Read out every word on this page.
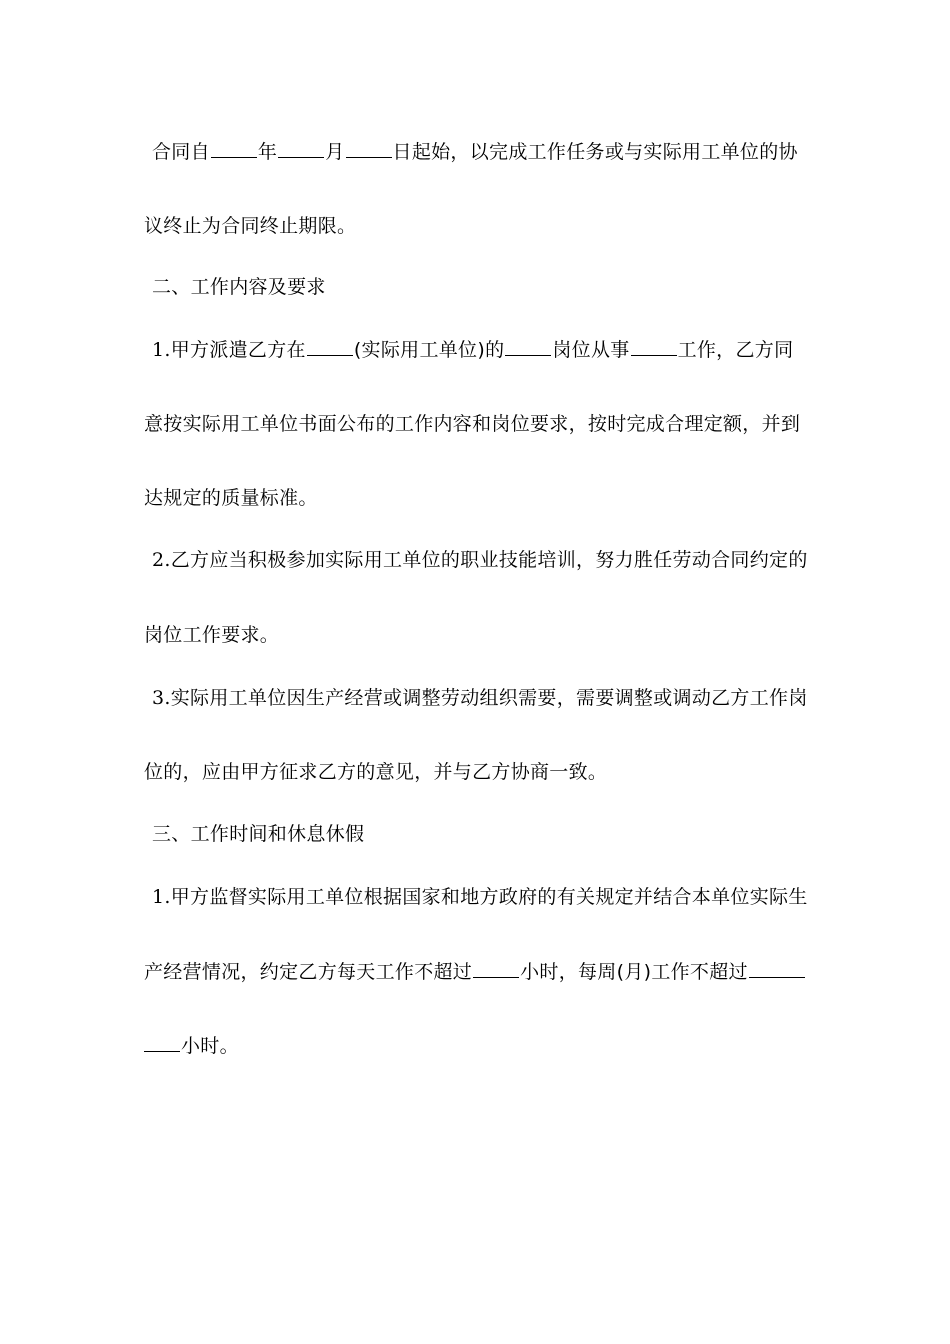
合同自	年	月	日起始，以完成工作任务或与实际用工单位的协
议终止为合同终止期限。
二、工作内容及要求
1.甲方派遣乙方在	(实际用工单位)的	岗位从事	工作，乙方同
意按实际用工单位书面公布的工作内容和岗位要求，按时完成合理定额，并到
达规定的质量标准。
2.乙方应当积极参加实际用工单位的职业技能培训，努力胜任劳动合同约定的
岗位工作要求。
3.实际用工单位因生产经营或调整劳动组织需要，需要调整或调动乙方工作岗
位的，应由甲方征求乙方的意见，并与乙方协商一致。
三、工作时间和休息休假
1.甲方监督实际用工单位根据国家和地方政府的有关规定并结合本单位实际生
产经营情况，约定乙方每天工作不超过	小时，每周(月)工作不超过
小时。
